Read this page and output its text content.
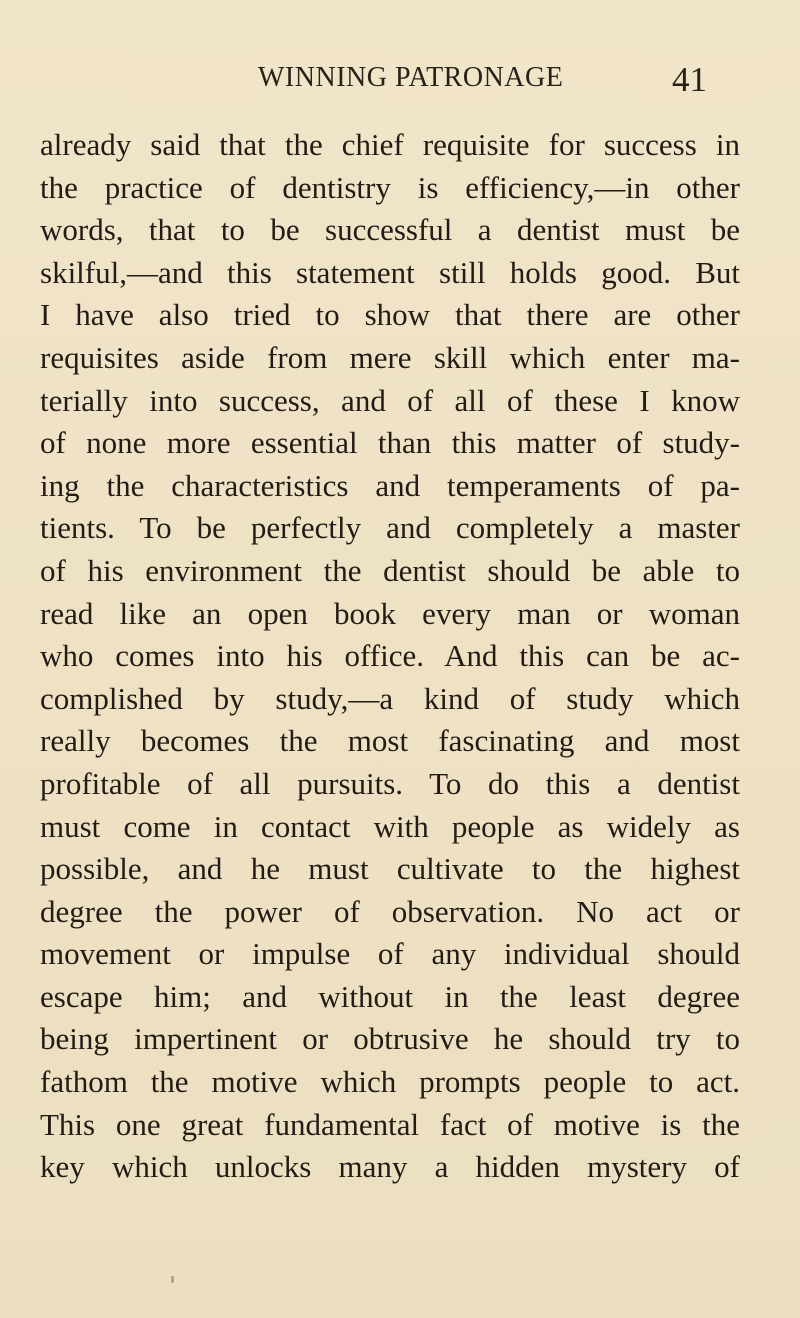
WINNING PATRONAGE	41
already said that the chief requisite for success in
the practice of dentistry is efficiency,—in other
words, that to be successful a dentist must be
skilful,—and this statement still holds good. But
I have also tried to show that there are other
requisites aside from mere skill which enter ma-
terially into success, and of all of these I know
of none more essential than this matter of study-
ing the characteristics and temperaments of pa-
tients. To be perfectly and completely a master
of his environment the dentist should be able to
read like an open book every man or woman
who comes into his office. And this can be ac-
complished by study,—a kind of study which
really becomes the most fascinating and most
profitable of all pursuits. To do this a dentist
must come in contact with people as widely as
possible, and he must cultivate to the highest
degree the power of observation. No act or
movement or impulse of any individual should
escape him; and without in the least degree
being impertinent or obtrusive he should try to
fathom the motive which prompts people to act.
This one great fundamental fact of motive is the
key which unlocks many a hidden mystery of
